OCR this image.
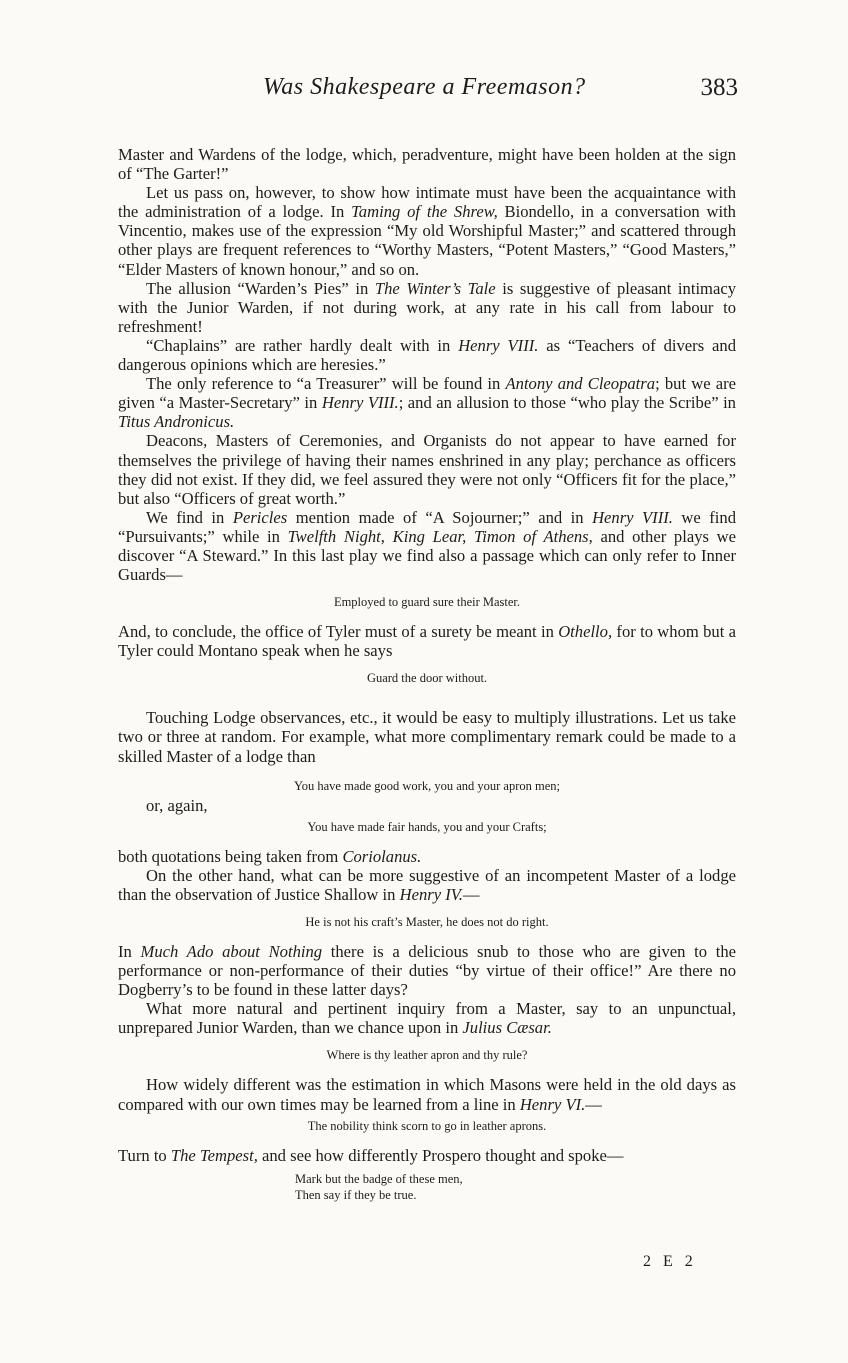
Was Shakespeare a Freemason?	383

Master and Wardens of the lodge, which, peradventure, might have been holden at the sign of “The Garter!”

Let us pass on, however, to show how intimate must have been the acquaintance with the administration of a lodge. In Taming of the Shrew, Biondello, in a conversation with Vincentio, makes use of the expression “My old Worshipful Master;” and scattered through other plays are frequent references to “Worthy Masters, “Potent Masters,” “Good Masters,” “Elder Masters of known honour,” and so on.

The allusion “Warden’s Pies” in The Winter’s Tale is suggestive of pleasant intimacy with the Junior Warden, if not during work, at any rate in his call from labour to refreshment!

“Chaplains” are rather hardly dealt with in Henry VIII. as “Teachers of divers and dangerous opinions which are heresies.”

The only reference to “a Treasurer” will be found in Antony and Cleopatra; but we are given “a Master-Secretary” in Henry VIII.; and an allusion to those “who play the Scribe” in Titus Andronicus.

Deacons, Masters of Ceremonies, and Organists do not appear to have earned for themselves the privilege of having their names enshrined in any play; perchance as officers they did not exist. If they did, we feel assured they were not only “Officers fit for the place,” but also “Officers of great worth.”

We find in Pericles mention made of “A Sojourner;” and in Henry VIII. we find “Pursuivants;” while in Twelfth Night, King Lear, Timon of Athens, and other plays we discover “A Steward.” In this last play we find also a passage which can only refer to Inner Guards—

Employed to guard sure their Master.

And, to conclude, the office of Tyler must of a surety be meant in Othello, for to whom but a Tyler could Montano speak when he says

Guard the door without.

Touching Lodge observances, etc., it would be easy to multiply illustrations. Let us take two or three at random. For example, what more complimentary remark could be made to a skilled Master of a lodge than

You have made good work, you and your apron men;

or, again,

You have made fair hands, you and your Crafts;

both quotations being taken from Coriolanus.

On the other hand, what can be more suggestive of an incompetent Master of a lodge than the observation of Justice Shallow in Henry IV.—

He is not his craft’s Master, he does not do right.

In Much Ado about Nothing there is a delicious snub to those who are given to the performance or non-performance of their duties “by virtue of their office!” Are there no Dogberry’s to be found in these latter days?

What more natural and pertinent inquiry from a Master, say to an unpunctual, unprepared Junior Warden, than we chance upon in Julius Cæsar.

Where is thy leather apron and thy rule?

How widely different was the estimation in which Masons were held in the old days as compared with our own times may be learned from a line in Henry VI.—

The nobility think scorn to go in leather aprons.

Turn to The Tempest, and see how differently Prospero thought and spoke—

Mark but the badge of these men,
Then say if they be true.
2 E 2
